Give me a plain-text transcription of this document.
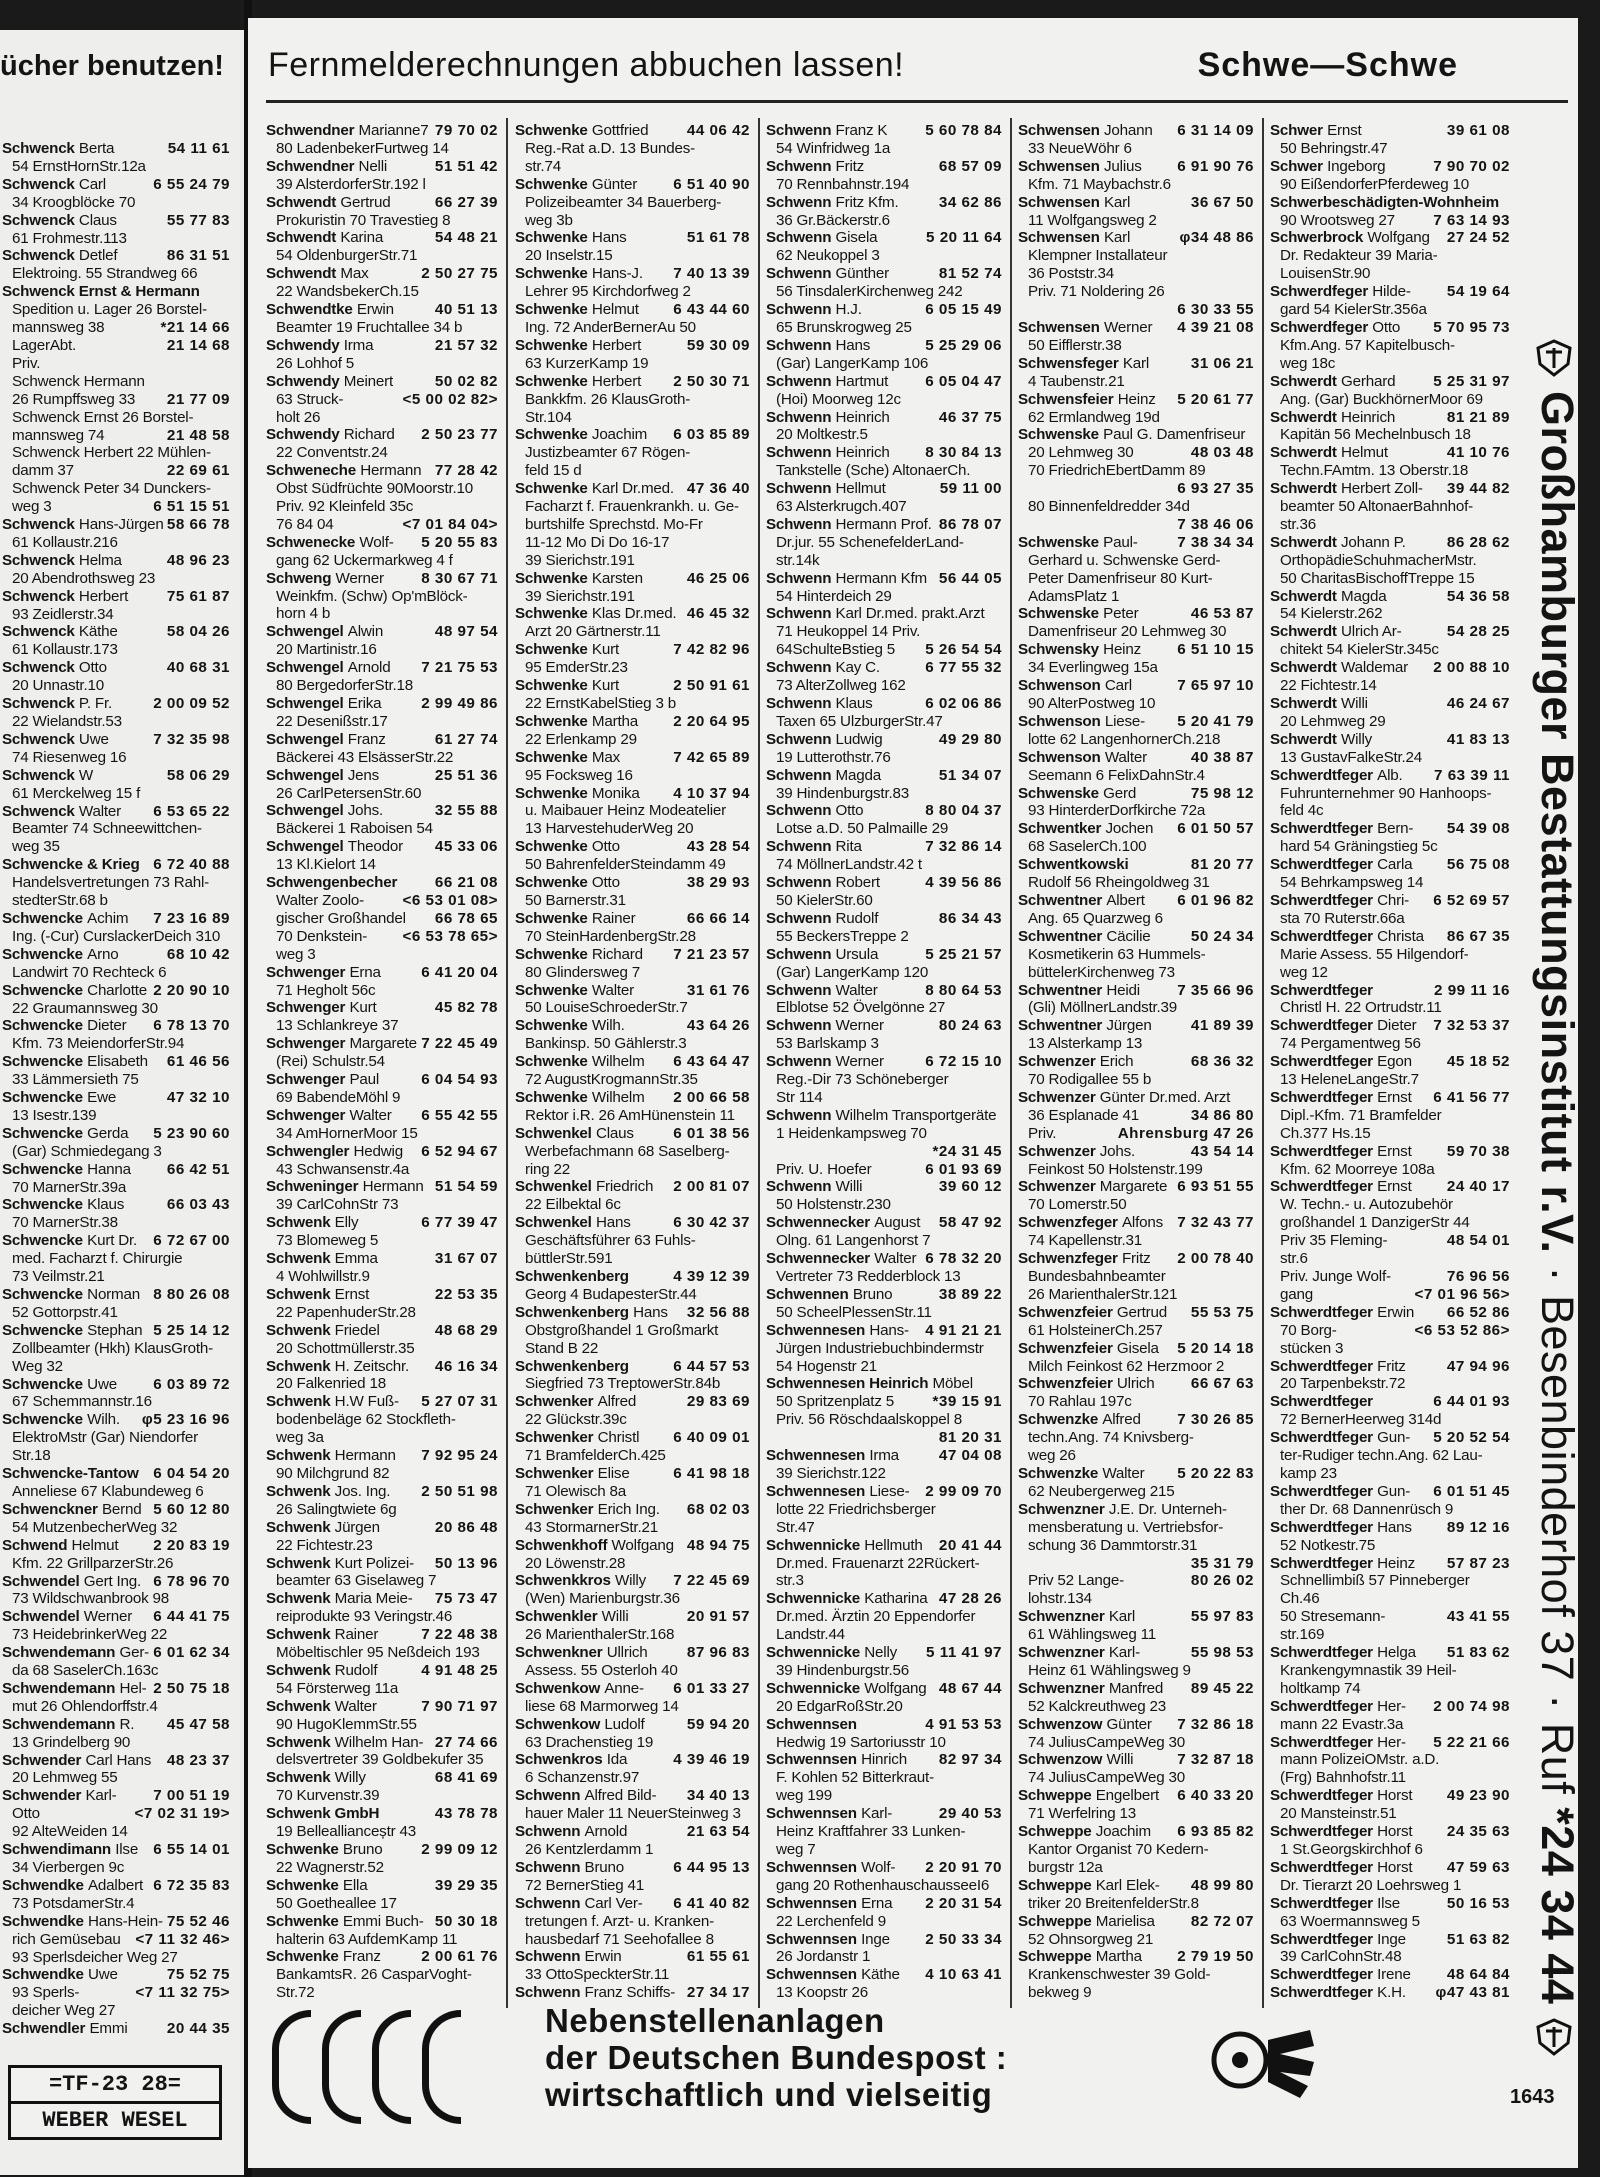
ücher benutzen!
54 11 61
Schwenck Berta
54 ErnstHornStr.12a
6 55 24 79
Schwenck Carl
34 Kroogblöcke 70
55 77 83
Schwenck Claus
61 Frohmestr.113
86 31 51
Schwenck Detlef
Elektroing. 55 Strandweg 66
Schwenck Ernst & Hermann
Spedition u. Lager 26 Borstel-
*21 14 66
mannsweg 38
21 14 68
LagerAbt.
Priv.
Schwenck Hermann
21 77 09
26 Rumpffsweg 33
Schwenck Ernst 26 Borstel-
21 48 58
mannsweg 74
Schwenck Herbert 22 Mühlen-
22 69 61
damm 37
Schwenck Peter 34 Dunckers-
6 51 15 51
weg 3
58 66 78
Schwenck Hans-Jürgen
61 Kollaustr.216
48 96 23
Schwenck Helma
20 Abendrothsweg 23
75 61 87
Schwenck Herbert
93 Zeidlerstr.34
58 04 26
Schwenck Käthe
61 Kollaustr.173
40 68 31
Schwenck Otto
20 Unnastr.10
2 00 09 52
Schwenck P. Fr.
22 Wielandstr.53
7 32 35 98
Schwenck Uwe
74 Riesenweg 16
58 06 29
Schwenck W
61 Merckelweg 15 f
6 53 65 22
Schwenck Walter
Beamter 74 Schneewittchen-
weg 35
6 72 40 88
Schwencke & Krieg
Handelsvertretungen 73 Rahl-
stedterStr.68 b
7 23 16 89
Schwencke Achim
Ing. (-Cur) CurslackerDeich 310
68 10 42
Schwencke Arno
Landwirt 70 Rechteck 6
2 20 90 10
Schwencke Charlotte
22 Graumannsweg 30
6 78 13 70
Schwencke Dieter
Kfm. 73 MeiendorferStr.94
61 46 56
Schwencke Elisabeth
33 Lämmersieth 75
47 32 10
Schwencke Ewe
13 Isestr.139
5 23 90 60
Schwencke Gerda
(Gar) Schmiedegang 3
66 42 51
Schwencke Hanna
70 MarnerStr.39a
66 03 43
Schwencke Klaus
70 MarnerStr.38
6 72 67 00
Schwencke Kurt Dr.
med. Facharzt f. Chirurgie
73 Veilmstr.21
8 80 26 08
Schwencke Norman
52 Gottorpstr.41
5 25 14 12
Schwencke Stephan
Zollbeamter (Hkh) KlausGroth-
Weg 32
6 03 89 72
Schwencke Uwe
67 Schemmannstr.16
φ5 23 16 96
Schwencke Wilh.
ElektroMstr (Gar) Niendorfer
Str.18
6 04 54 20
Schwencke-Tantow
Anneliese 67 Klabundeweg 6
5 60 12 80
Schwenckner Bernd
54 MutzenbecherWeg 32
2 20 83 19
Schwend Helmut
Kfm. 22 GrillparzerStr.26
6 78 96 70
Schwendel Gert Ing.
73 Wildschwanbrook 98
6 44 41 75
Schwendel Werner
73 HeidebrinkerWeg 22
6 01 62 34
Schwendemann Ger-
da 68 SaselerCh.163c
2 50 75 18
Schwendemann Hel-
mut 26 Ohlendorffstr.4
45 47 58
Schwendemann R.
13 Grindelberg 90
48 23 37
Schwender Carl Hans
20 Lehmweg 55
7 00 51 19
Schwender Karl-
<7 02 31 19>
Otto
92 AlteWeiden 14
6 55 14 01
Schwendimann Ilse
34 Vierbergen 9c
6 72 35 83
Schwendke Adalbert
73 PotsdamerStr.4
75 52 46
Schwendke Hans-Hein-
<7 11 32 46>
rich Gemüsebau
93 Sperlsdeicher Weg 27
75 52 75
Schwendke Uwe
<7 11 32 75>
93 Sperls-
deicher Weg 27
20 44 35
Schwendler Emmi
=TF-23 28=
WEBER WESEL
Fernmelderechnungen abbuchen lassen!	Schwe—Schwe
79 70 02
Schwendner Marianne7
80 LadenbekerFurtweg 14
51 51 42
Schwendner Nelli
39 AlsterdorferStr.192 l
66 27 39
Schwendt Gertrud
Prokuristin 70 Travestieg 8
54 48 21
Schwendt Karina
54 OldenburgerStr.71
2 50 27 75
Schwendt Max
22 WandsbekerCh.15
40 51 13
Schwendtke Erwin
Beamter 19 Fruchtallee 34 b
21 57 32
Schwendy Irma
26 Lohhof 5
50 02 82
Schwendy Meinert
<5 00 02 82>
63 Struck-
holt 26
2 50 23 77
Schwendy Richard
22 Conventstr.24
77 28 42
Schweneche Hermann
Obst Südfrüchte 90Moorstr.10
Priv. 92 Kleinfeld 35c
<7 01 84 04>
76 84 04
5 20 55 83
Schwenecke Wolf-
gang 62 Uckermarkweg 4 f
8 30 67 71
Schweng Werner
Weinkfm. (Schw) Op'mBlöck-
horn 4 b
48 97 54
Schwengel Alwin
20 Martinistr.16
7 21 75 53
Schwengel Arnold
80 BergedorferStr.18
2 99 49 86
Schwengel Erika
22 Desenißstr.17
61 27 74
Schwengel Franz
Bäckerei 43 ElsässerStr.22
25 51 36
Schwengel Jens
26 CarlPetersenStr.60
32 55 88
Schwengel Johs.
Bäckerei 1 Raboisen 54
45 33 06
Schwengel Theodor
13 Kl.Kielort 14
66 21 08
Schwengenbecher
<6 53 01 08>
Walter Zoolo-
66 78 65
gischer Großhandel
<6 53 78 65>
70 Denkstein-
weg 3
6 41 20 04
Schwenger Erna
71 Hegholt 56c
45 82 78
Schwenger Kurt
13 Schlankreye 37
7 22 45 49
Schwenger Margarete
(Rei) Schulstr.54
6 04 54 93
Schwenger Paul
69 BabendeMöhl 9
6 55 42 55
Schwenger Walter
34 AmHornerMoor 15
6 52 94 67
Schwengler Hedwig
43 Schwansenstr.4a
51 54 59
Schweninger Hermann
39 CarlCohnStr 73
6 77 39 47
Schwenk Elly
73 Blomeweg 5
31 67 07
Schwenk Emma
4 Wohlwillstr.9
22 53 35
Schwenk Ernst
22 PapenhuderStr.28
48 68 29
Schwenk Friedel
20 Schottmüllerstr.35
46 16 34
Schwenk H. Zeitschr.
20 Falkenried 18
5 27 07 31
Schwenk H.W Fuß-
bodenbeläge 62 Stockfleth-
weg 3a
7 92 95 24
Schwenk Hermann
90 Milchgrund 82
2 50 51 98
Schwenk Jos. Ing.
26 Salingtwiete 6g
20 86 48
Schwenk Jürgen
22 Fichtestr.23
50 13 96
Schwenk Kurt Polizei-
beamter 63 Giselaweg 7
75 73 47
Schwenk Maria Meie-
reiprodukte 93 Veringstr.46
7 22 48 38
Schwenk Rainer
Möbeltischler 95 Neßdeich 193
4 91 48 25
Schwenk Rudolf
54 Försterweg 11a
7 90 71 97
Schwenk Walter
90 HugoKlemmStr.55
27 74 66
Schwenk Wilhelm Han-
delsvertreter 39 Goldbekufer 35
68 41 69
Schwenk Willy
70 Kurvenstr.39
43 78 78
Schwenk GmbH
19 Belleallianceștr 43
2 99 09 12
Schwenke Bruno
22 Wagnerstr.52
39 29 35
Schwenke Ella
50 Goetheallee 17
50 30 18
Schwenke Emmi Buch-
halterin 63 AufdemKamp 11
2 00 61 76
Schwenke Franz
BankamtsR. 26 CasparVoght-
Str.72
44 06 42
Schwenke Gottfried
Reg.-Rat a.D. 13 Bundes-
str.74
6 51 40 90
Schwenke Günter
Polizeibeamter 34 Bauerberg-
weg 3b
51 61 78
Schwenke Hans
20 Inselstr.15
7 40 13 39
Schwenke Hans-J.
Lehrer 95 Kirchdorfweg 2
6 43 44 60
Schwenke Helmut
Ing. 72 AnderBernerAu 50
59 30 09
Schwenke Herbert
63 KurzerKamp 19
2 50 30 71
Schwenke Herbert
Bankkfm. 26 KlausGroth-
Str.104
6 03 85 89
Schwenke Joachim
Justizbeamter 67 Rögen-
feld 15 d
47 36 40
Schwenke Karl Dr.med.
Facharzt f. Frauenkrankh. u. Ge-
burtshilfe Sprechstd. Mo-Fr
11-12 Mo Di Do 16-17
39 Sierichstr.191
46 25 06
Schwenke Karsten
39 Sierichstr.191
46 45 32
Schwenke Klas Dr.med.
Arzt 20 Gärtnerstr.11
7 42 82 96
Schwenke Kurt
95 EmderStr.23
2 50 91 61
Schwenke Kurt
22 ErnstKabelStieg 3 b
2 20 64 95
Schwenke Martha
22 Erlenkamp 29
7 42 65 89
Schwenke Max
95 Focksweg 16
4 10 37 94
Schwenke Monika
u. Maibauer Heinz Modeatelier
13 HarvestehuderWeg 20
43 28 54
Schwenke Otto
50 BahrenfelderSteindamm 49
38 29 93
Schwenke Otto
50 Barnerstr.31
66 66 14
Schwenke Rainer
70 SteinHardenbergStr.28
7 21 23 57
Schwenke Richard
80 Glindersweg 7
31 61 76
Schwenke Walter
50 LouiseSchroederStr.7
43 64 26
Schwenke Wilh.
Bankinsp. 50 Gählerstr.3
6 43 64 47
Schwenke Wilhelm
72 AugustKrogmannStr.35
2 00 66 58
Schwenke Wilhelm
Rektor i.R. 26 AmHünenstein 11
6 01 38 56
Schwenkel Claus
Werbefachmann 68 Saselberg-
ring 22
2 00 81 07
Schwenkel Friedrich
22 Eilbektal 6c
6 30 42 37
Schwenkel Hans
Geschäftsführer 63 Fuhls-
büttlerStr.591
4 39 12 39
Schwenkenberg
Georg 4 BudapesterStr.44
32 56 88
Schwenkenberg Hans
Obstgroßhandel 1 Großmarkt
Stand B 22
6 44 57 53
Schwenkenberg
Siegfried 73 TreptowerStr.84b
29 83 69
Schwenker Alfred
22 Glückstr.39c
6 40 09 01
Schwenker Christl
71 BramfelderCh.425
6 41 98 18
Schwenker Elise
71 Olewisch 8a
68 02 03
Schwenker Erich Ing.
43 StormarnerStr.21
48 94 75
Schwenkhoff Wolfgang
20 Löwenstr.28
7 22 45 69
Schwenkkros Willy
(Wen) Marienburgstr.36
20 91 57
Schwenkler Willi
26 MarienthalerStr.168
87 96 83
Schwenkner Ullrich
Assess. 55 Osterloh 40
6 01 33 27
Schwenkow Anne-
liese 68 Marmorweg 14
59 94 20
Schwenkow Ludolf
63 Drachenstieg 19
4 39 46 19
Schwenkros Ida
6 Schanzenstr.97
34 40 13
Schwenn Alfred Bild-
hauer Maler 11 NeuerSteinweg 3
21 63 54
Schwenn Arnold
26 Kentzlerdamm 1
6 44 95 13
Schwenn Bruno
72 BernerStieg 41
6 41 40 82
Schwenn Carl Ver-
tretungen f. Arzt- u. Kranken-
hausbedarf 71 Seehofallee 8
61 55 61
Schwenn Erwin
33 OttoSpeckterStr.11
27 34 17
Schwenn Franz Schiffs-
5 60 78 84
Schwenn Franz K
54 Winfridweg 1a
68 57 09
Schwenn Fritz
70 Rennbahnstr.194
34 62 86
Schwenn Fritz Kfm.
36 Gr.Bäckerstr.6
5 20 11 64
Schwenn Gisela
62 Neukoppel 3
81 52 74
Schwenn Günther
56 TinsdalerKirchenweg 242
6 05 15 49
Schwenn H.J.
65 Brunskrogweg 25
5 25 29 06
Schwenn Hans
(Gar) LangerKamp 106
6 05 04 47
Schwenn Hartmut
(Hoi) Moorweg 12c
46 37 75
Schwenn Heinrich
20 Moltkestr.5
8 30 84 13
Schwenn Heinrich
Tankstelle (Sche) AltonaerCh.
59 11 00
Schwenn Hellmut
63 Alsterkrugch.407
86 78 07
Schwenn Hermann Prof.
Dr.jur. 55 SchenefelderLand-
str.14k
56 44 05
Schwenn Hermann Kfm
54 Hinterdeich 29
Schwenn Karl Dr.med. prakt.Arzt
71 Heukoppel 14 Priv.
5 26 54 54
64SchulteBstieg 5
6 77 55 32
Schwenn Kay C.
73 AlterZollweg 162
6 02 06 86
Schwenn Klaus
Taxen 65 UlzburgerStr.47
49 29 80
Schwenn Ludwig
19 Lutterothstr.76
51 34 07
Schwenn Magda
39 Hindenburgstr.83
8 80 04 37
Schwenn Otto
Lotse a.D. 50 Palmaille 29
7 32 86 14
Schwenn Rita
74 MöllnerLandstr.42 t
4 39 56 86
Schwenn Robert
50 KielerStr.60
86 34 43
Schwenn Rudolf
55 BeckersTreppe 2
5 25 21 57
Schwenn Ursula
(Gar) LangerKamp 120
8 80 64 53
Schwenn Walter
Elblotse 52 Övelgönne 27
80 24 63
Schwenn Werner
53 Barlskamp 3
6 72 15 10
Schwenn Werner
Reg.-Dir 73 Schöneberger
Str 114
Schwenn Wilhelm Transportgeräte
1 Heidenkampsweg 70
*24 31 45

6 01 93 69
Priv. U. Hoefer
39 60 12
Schwenn Willi
50 Holstenstr.230
58 47 92
Schwennecker August
Olng. 61 Langenhorst 7
6 78 32 20
Schwennecker Walter
Vertreter 73 Redderblock 13
38 89 22
Schwennen Bruno
50 ScheelPlessenStr.11
4 91 21 21
Schwennesen Hans-
Jürgen Industriebuchbindermstr
54 Hogenstr 21
Schwennesen Heinrich Möbel
*39 15 91
50 Spritzenplatz 5
Priv. 56 Röschdaalskoppel 8
81 20 31

47 04 08
Schwennesen Irma
39 Sierichstr.122
2 99 09 70
Schwennesen Liese-
lotte 22 Friedrichsberger
Str.47
20 41 44
Schwennicke Hellmuth
Dr.med. Frauenarzt 22Rückert-
str.3
47 28 26
Schwennicke Katharina
Dr.med. Ärztin 20 Eppendorfer
Landstr.44
5 11 41 97
Schwennicke Nelly
39 Hindenburgstr.56
48 67 44
Schwennicke Wolfgang
20 EdgarRoßStr.20
4 91 53 53
Schwennsen
Hedwig 19 Sartoriusstr 10
82 97 34
Schwennsen Hinrich
F. Kohlen 52 Bitterkraut-
weg 199
29 40 53
Schwennsen Karl-
Heinz Kraftfahrer 33 Lunken-
weg 7
2 20 91 70
Schwennsen Wolf-
gang 20 RothenhauschausseeI6
2 20 31 54
Schwennsen Erna
22 Lerchenfeld 9
2 50 33 34
Schwennsen Inge
26 Jordanstr 1
4 10 63 41
Schwennsen Käthe
13 Koopstr 26
6 31 14 09
Schwensen Johann
33 NeueWöhr 6
6 91 90 76
Schwensen Julius
Kfm. 71 Maybachstr.6
36 67 50
Schwensen Karl
11 Wolfgangsweg 2
φ34 48 86
Schwensen Karl
Klempner Installateur
36 Poststr.34
Priv. 71 Noldering 26
6 30 33 55

4 39 21 08
Schwensen Werner
50 Eifflerstr.38
31 06 21
Schwensfeger Karl
4 Taubenstr.21
5 20 61 77
Schwensfeier Heinz
62 Ermlandweg 19d
Schwenske Paul G. Damenfriseur
48 03 48
20 Lehmweg 30
70 FriedrichEbertDamm 89
6 93 27 35

80 Binnenfeldredder 34d
7 38 46 06

7 38 34 34
Schwenske Paul-
Gerhard u. Schwenske Gerd-
Peter Damenfriseur 80 Kurt-
AdamsPlatz 1
46 53 87
Schwenske Peter
Damenfriseur 20 Lehmweg 30
6 51 10 15
Schwensky Heinz
34 Everlingweg 15a
7 65 97 10
Schwenson Carl
90 AlterPostweg 10
5 20 41 79
Schwenson Liese-
lotte 62 LangenhornerCh.218
40 38 87
Schwenson Walter
Seemann 6 FelixDahnStr.4
75 98 12
Schwenske Gerd
93 HinterderDorfkirche 72a
6 01 50 57
Schwentker Jochen
68 SaselerCh.100
81 20 77
Schwentkowski
Rudolf 56 Rheingoldweg 31
6 01 96 82
Schwentner Albert
Ang. 65 Quarzweg 6
50 24 34
Schwentner Cäcilie
Kosmetikerin 63 Hummels-
büttelerKirchenweg 73
7 35 66 96
Schwentner Heidi
(Gli) MöllnerLandstr.39
41 89 39
Schwentner Jürgen
13 Alsterkamp 13
68 36 32
Schwenzer Erich
70 Rodigallee 55 b
Schwenzer Günter Dr.med. Arzt
34 86 80
36 Esplanade 41
Ahrensburg 47 26
Priv.
43 54 14
Schwenzer Johs.
Feinkost 50 Holstenstr.199
6 93 51 55
Schwenzer Margarete
70 Lomerstr.50
7 32 43 77
Schwenzfeger Alfons
74 Kapellenstr.31
2 00 78 40
Schwenzfeger Fritz
Bundesbahnbeamter
26 MarienthalerStr.121
55 53 75
Schwenzfeier Gertrud
61 HolsteinerCh.257
5 20 14 18
Schwenzfeier Gisela
Milch Feinkost 62 Herzmoor 2
66 67 63
Schwenzfeier Ulrich
70 Rahlau 197c
7 30 26 85
Schwenzke Alfred
techn.Ang. 74 Knivsberg-
weg 26
5 20 22 83
Schwenzke Walter
62 Neubergerweg 215
Schwenzner J.E. Dr. Unterneh-
mensberatung u. Vertriebsfor-
schung 36 Dammtorstr.31
35 31 79

80 26 02
Priv 52 Lange-
lohstr.134
55 97 83
Schwenzner Karl
61 Wählingsweg 11
55 98 53
Schwenzner Karl-
Heinz 61 Wählingsweg 9
89 45 22
Schwenzner Manfred
52 Kalckreuthweg 23
7 32 86 18
Schwenzow Günter
74 JuliusCampeWeg 30
7 32 87 18
Schwenzow Willi
74 JuliusCampeWeg 30
6 40 33 20
Schweppe Engelbert
71 Werfelring 13
6 93 85 82
Schweppe Joachim
Kantor Organist 70 Kedern-
burgstr 12a
48 99 80
Schweppe Karl Elek-
triker 20 BreitenfelderStr.8
82 72 07
Schweppe Marielisa
52 Ohnsorgweg 21
2 79 19 50
Schweppe Martha
Krankenschwester 39 Gold-
bekweg 9
39 61 08
Schwer Ernst
50 Behringstr.47
7 90 70 02
Schwer Ingeborg
90 EißendorferPferdeweg 10
Schwerbeschädigten-Wohnheim
7 63 14 93
90 Wrootsweg 27
27 24 52
Schwerbrock Wolfgang
Dr. Redakteur 39 Maria-
LouisenStr.90
54 19 64
Schwerdfeger Hilde-
gard 54 KielerStr.356a
5 70 95 73
Schwerdfeger Otto
Kfm.Ang. 57 Kapitelbusch-
weg 18c
5 25 31 97
Schwerdt Gerhard
Ang. (Gar) BuckhörnerMoor 69
81 21 89
Schwerdt Heinrich
Kapitän 56 Mechelnbusch 18
41 10 76
Schwerdt Helmut
Techn.FAmtm. 13 Oberstr.18
39 44 82
Schwerdt Herbert Zoll-
beamter 50 AltonaerBahnhof-
str.36
86 28 62
Schwerdt Johann P.
OrthopädieSchuhmacherMstr.
50 CharitasBischoffTreppe 15
54 36 58
Schwerdt Magda
54 Kielerstr.262
54 28 25
Schwerdt Ulrich Ar-
chitekt 54 KielerStr.345c
2 00 88 10
Schwerdt Waldemar
22 Fichtestr.14
46 24 67
Schwerdt Willi
20 Lehmweg 29
41 83 13
Schwerdt Willy
13 GustavFalkeStr.24
7 63 39 11
Schwerdtfeger Alb.
Fuhrunternehmer 90 Hanhoops-
feld 4c
54 39 08
Schwerdtfeger Bern-
hard 54 Gräningstieg 5c
56 75 08
Schwerdtfeger Carla
54 Behrkampsweg 14
6 52 69 57
Schwerdtfeger Chri-
sta 70 Ruterstr.66a
86 67 35
Schwerdtfeger Christa
Marie Assess. 55 Hilgendorf-
weg 12
2 99 11 16
Schwerdtfeger
Christl H. 22 Ortrudstr.11
7 32 53 37
Schwerdtfeger Dieter
74 Pergamentweg 56
45 18 52
Schwerdtfeger Egon
13 HeleneLangeStr.7
6 41 56 77
Schwerdtfeger Ernst
Dipl.-Kfm. 71 Bramfelder
Ch.377 Hs.15
59 70 38
Schwerdtfeger Ernst
Kfm. 62 Moorreye 108a
24 40 17
Schwerdtfeger Ernst
W. Techn.- u. Autozubehör
großhandel 1 DanzigerStr 44
48 54 01
Priv 35 Fleming-
str.6
76 96 56
Priv. Junge Wolf-
<7 01 96 56>
gang
66 52 86
Schwerdtfeger Erwin
<6 53 52 86>
70 Borg-
stücken 3
47 94 96
Schwerdtfeger Fritz
20 Tarpenbekstr.72
6 44 01 93
Schwerdtfeger
72 BernerHeerweg 314d
5 20 52 54
Schwerdtfeger Gun-
ter-Rudiger techn.Ang. 62 Lau-
kamp 23
6 01 51 45
Schwerdtfeger Gun-
ther Dr. 68 Dannenrüsch 9
89 12 16
Schwerdtfeger Hans
52 Notkestr.75
57 87 23
Schwerdtfeger Heinz
Schnellimbiß 57 Pinneberger
Ch.46
43 41 55
50 Stresemann-
str.169
51 83 62
Schwerdtfeger Helga
Krankengymnastik 39 Heil-
holtkamp 74
2 00 74 98
Schwerdtfeger Her-
mann 22 Evastr.3a
5 22 21 66
Schwerdtfeger Her-
mann PolizeiOMstr. a.D.
(Frg) Bahnhofstr.11
49 23 90
Schwerdtfeger Horst
20 Mansteinstr.51
24 35 63
Schwerdtfeger Horst
1 St.Georgskirchhof 6
47 59 63
Schwerdtfeger Horst
Dr. Tierarzt 20 Loehrsweg 1
50 16 53
Schwerdtfeger Ilse
63 Woermannsweg 5
51 63 82
Schwerdtfeger Inge
39 CarlCohnStr.48
48 64 84
Schwerdtfeger Irene
φ47 43 81
Schwerdtfeger K.H.
Großhamburger Bestattungsinstitut r.V. · Besenbinderhof 37 · Ruf *24 34 44
Nebenstellenanlagen
der Deutschen Bundespost :
wirtschaftlich und vielseitig	1643
